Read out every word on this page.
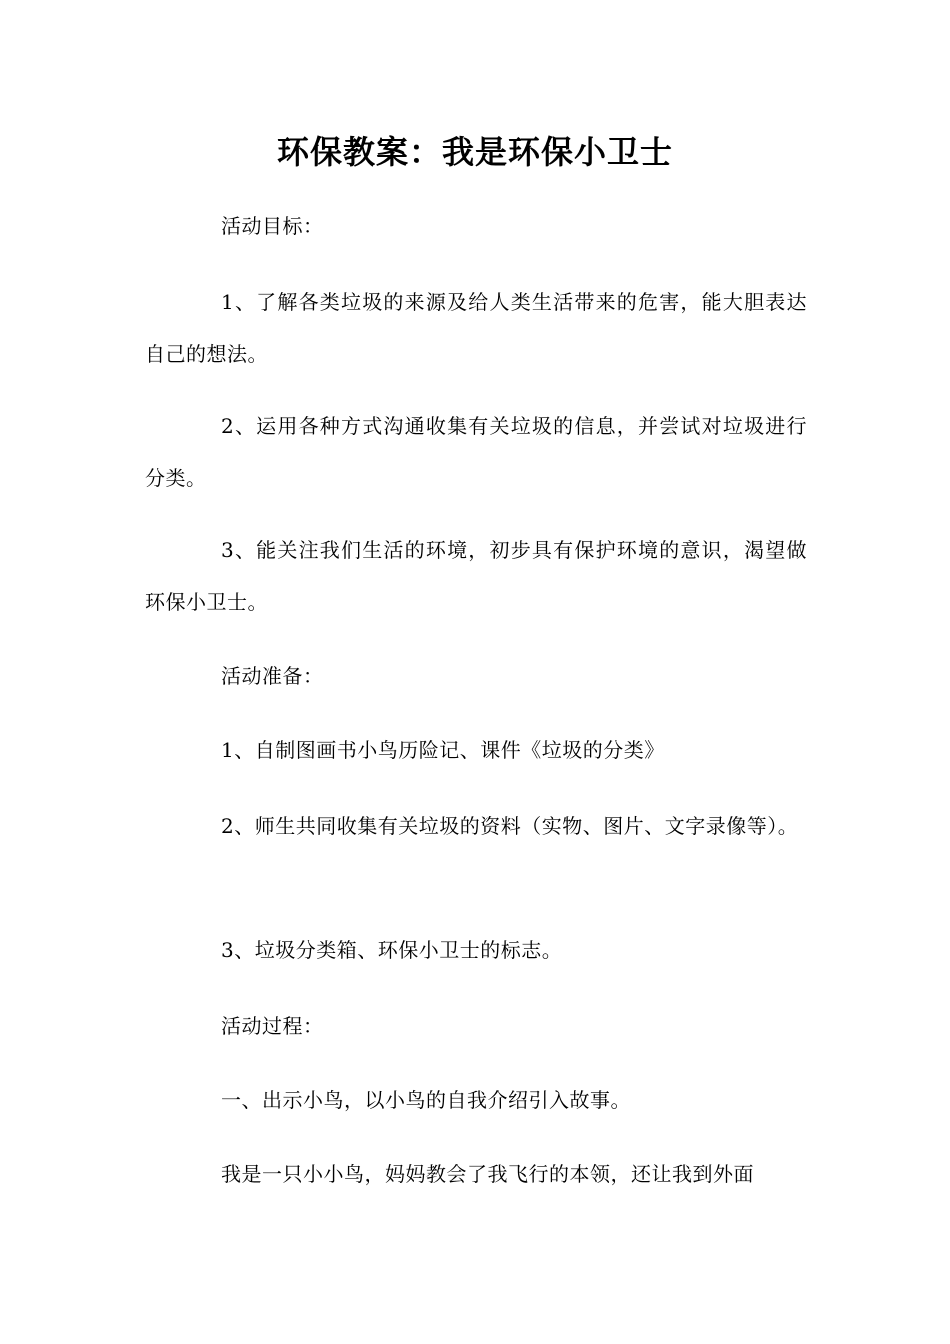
环保教案：我是环保小卫士

活动目标：

1、了解各类垃圾的来源及给人类生活带来的危害，能大胆表达自己的想法。

2、运用各种方式沟通收集有关垃圾的信息，并尝试对垃圾进行分类。

3、能关注我们生活的环境，初步具有保护环境的意识，渴望做环保小卫士。

活动准备：

1、自制图画书小鸟历险记、课件《垃圾的分类》

2、师生共同收集有关垃圾的资料（实物、图片、文字录像等）。

3、垃圾分类箱、环保小卫士的标志。

活动过程：

一、出示小鸟，以小鸟的自我介绍引入故事。

我是一只小小鸟，妈妈教会了我飞行的本领，还让我到外面
